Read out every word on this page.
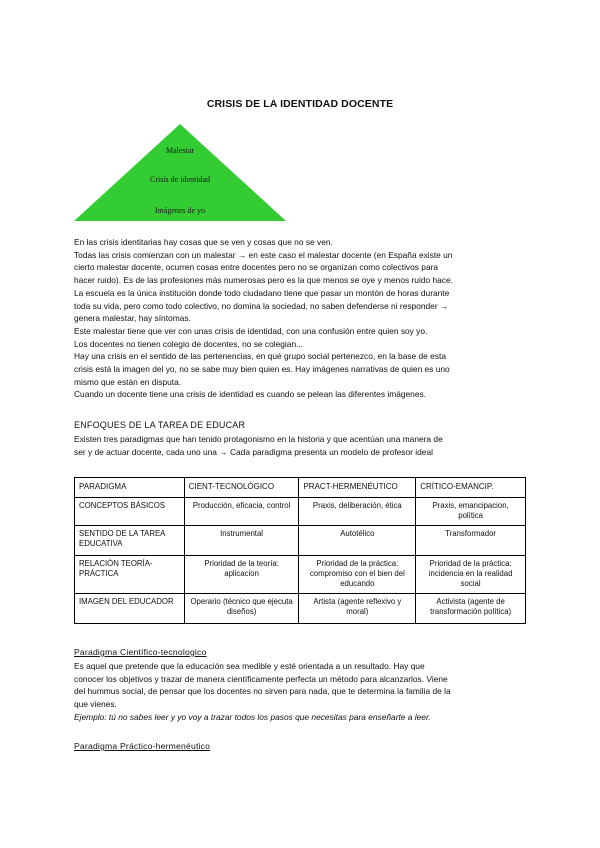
CRISIS DE LA IDENTIDAD DOCENTE
Malestar
Crisis de identidad
Imágenes de yo

En las crisis identitarias hay cosas que se ven y cosas que no se ven.

Todas las crisis comienzan con un malestar → en este caso el malestar docente (en España existe un

cierto malestar docente, ocurren cosas entre docentes pero no se organizan como colectivos para

hacer ruido). Es de las profesiones más numerosas pero es la que menos se oye y menos ruido hace.

La escuela es la única institución donde todo ciudadano tiene que pasar un montón de horas durante

toda su vida, pero como todo colectivo, no domina la sociedad, no saben defenderse ni responder →

genera malestar, hay síntomas.

Este malestar tiene que ver con unas crisis de identidad, con una confusión entre quien soy yo.

Los docentes no tienen colegio de docentes, no se colegian...

Hay una crisis en el sentido de las pertenencias, en qué grupo social pertenezco, en la base de esta

crisis está la imagen del yo, no se sabe muy bien quien es. Hay imágenes narrativas de quien es uno

mismo que están en disputa.

Cuando un docente tiene una crisis de identidad es cuando se pelean las diferentes imágenes.

ENFOQUES DE LA TAREA DE EDUCAR

Existen tres paradigmas que han tenido protagonismo en la historia y que acentúan una manera de

ser y de actuar docente, cada uno una → Cada paradigma presenta un modelo de profesor ideal

PARADIGMA	CIENT-TECNOLÓGICO	PRACT-HERMENÉUTICO	CRÍTICO-EMANCIP.
CONCEPTOS BÁSICOS	Producción, eficacia, control	Praxis, deliberación, ética	Praxis, emancipacion, política
SENTIDO DE LA TAREA EDUCATIVA	Instrumental	Autotélico	Transformador
RELACIÓN TEORÍA-PRÁCTICA	Prioridad de la teoría: aplicacion	Prioridad de la práctica: compromiso con el bien del educando	Prioridad de la práctica: incidencia en la realidad social
IMAGEN DEL EDUCADOR	Operario (técnico que ejecuta diseños)	Artista (agente reflexivo y moral)	Activista (agente de transformación política)
Paradigma Científico-tecnologico

Es aquel que pretende que la educación sea medible y esté orientada a un resultado. Hay que

conocer los objetivos y trazar de manera científicamente perfecta un método para alcanzarlos. Viene

del hummus social, de pensar que los docentes no sirven para nada, que te determina la familia de la

que vienes.

Ejemplo: tú no sabes leer y yo voy a trazar todos los pasos que necesitas para enseñarte a leer.

Paradigma Práctico-hermenéutico
